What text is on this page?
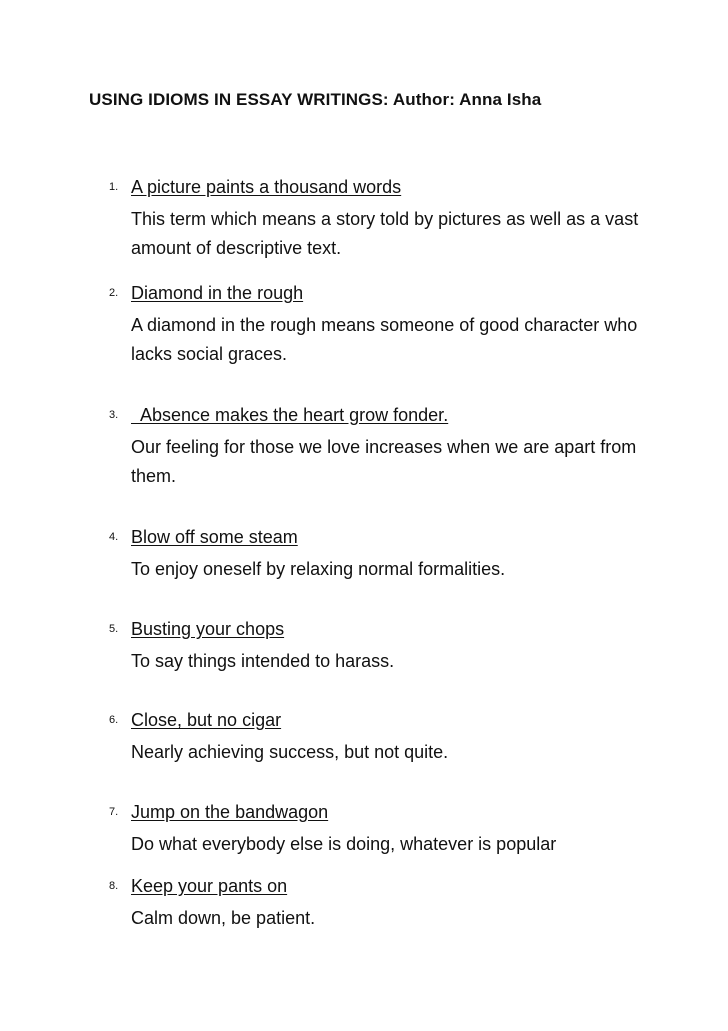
USING IDIOMS IN ESSAY WRITINGS: Author: Anna Isha
1. A picture paints a thousand words
This term which means a story told by pictures as well as a vast amount of descriptive text.
2. Diamond in the rough
A diamond in the rough means someone of good character who lacks social graces.
3. Absence makes the heart grow fonder.
Our feeling for those we love increases when we are apart from them.
4. Blow off some steam
To enjoy oneself by relaxing normal formalities.
5. Busting your chops
To say things intended to harass.
6. Close, but no cigar
Nearly achieving success, but not quite.
7. Jump on the bandwagon
Do what everybody else is doing, whatever is popular
8. Keep your pants on
Calm down, be patient.
